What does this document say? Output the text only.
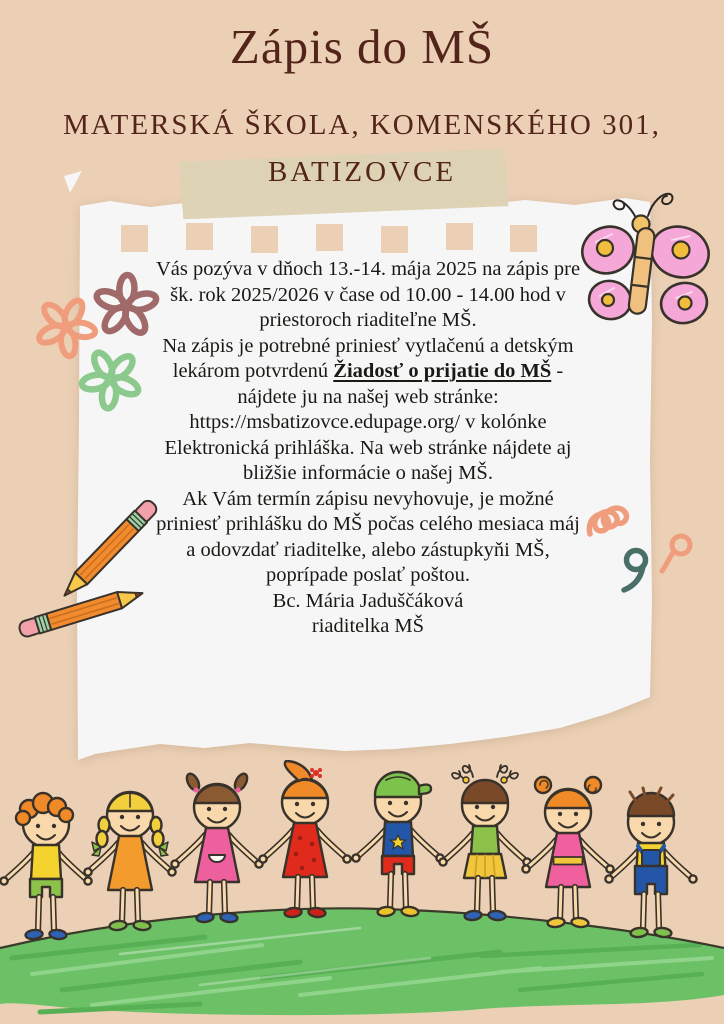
Zápis do MŠ
MATERSKÁ ŠKOLA, KOMENSKÉHO 301,
BATIZOVCE

Vás pozýva v dňoch 13.-14. mája 2025 na zápis pre šk. rok 2025/2026 v čase od 10.00 - 14.00 hod v priestoroch riaditeľne MŠ.

Na zápis je potrebné priniesť vytlačenú a detským lekárom potvrdenú Žiadosť o prijatie do MŠ - nájdete ju na našej web stránke: https://msbatizovce.edupage.org/ v kolónke Elektronická prihláška. Na web stránke nájdete aj bližšie informácie o našej MŠ.

Ak Vám termín zápisu nevyhovuje, je možné priniesť prihlášku do MŠ počas celého mesiaca máj a odovzdať riaditelke, alebo zástupkyňi MŠ, poprípade poslať poštou.

Bc. Mária Jaduščáková

riaditelka MŠ
